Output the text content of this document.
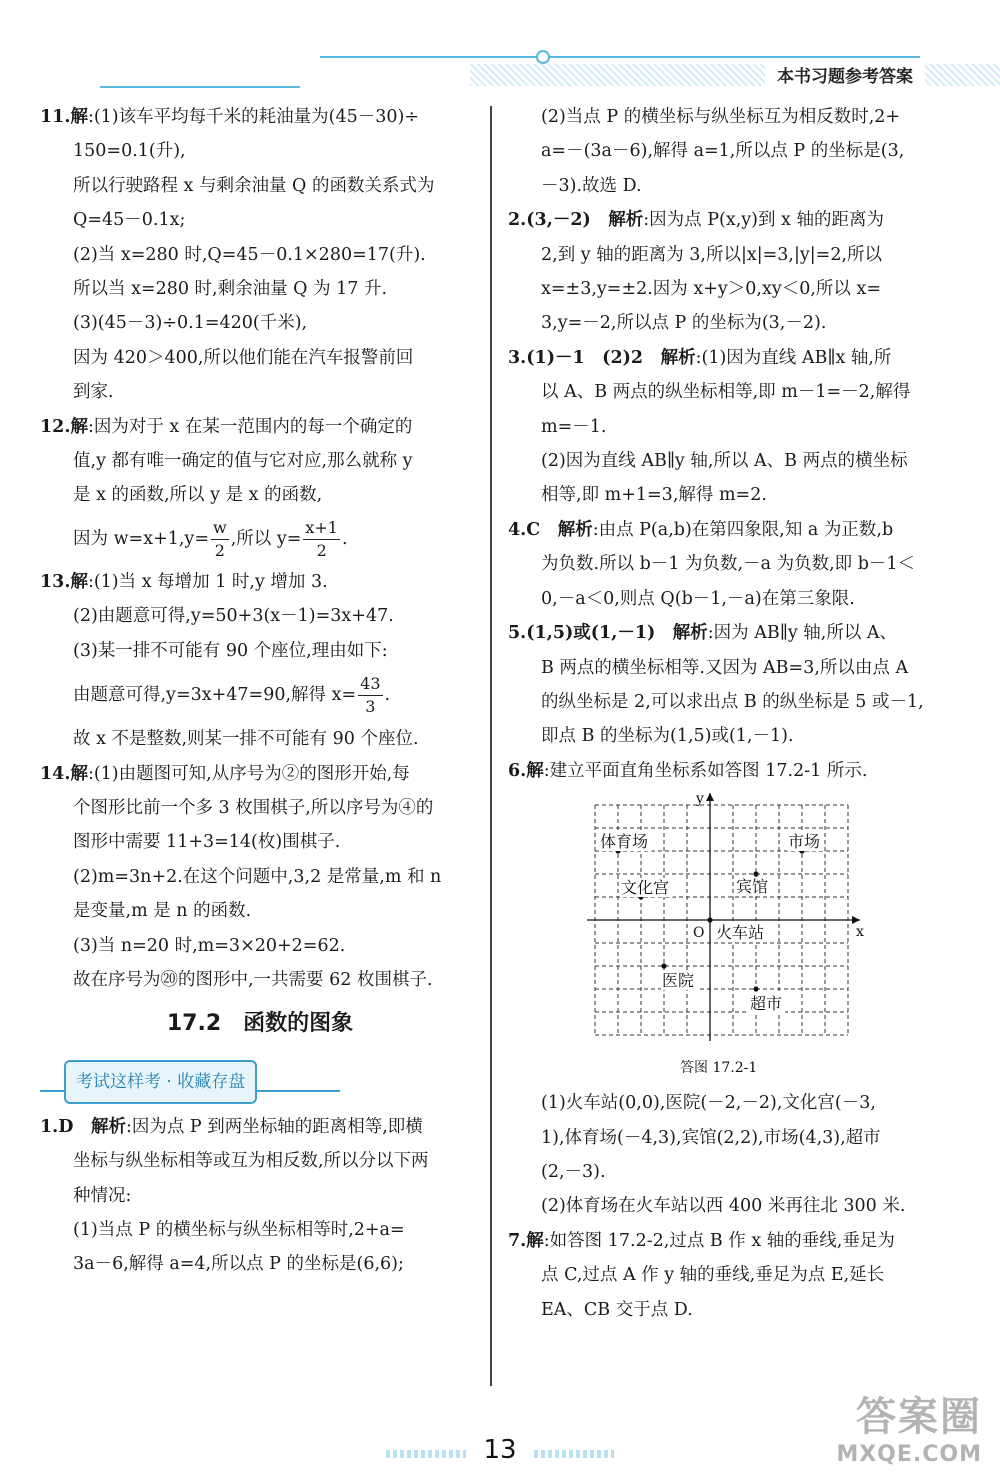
本书习题参考答案

11.解:(1)该车平均每千米的耗油量为(45－30)÷

150=0.1(升),

所以行驶路程 x 与剩余油量 Q 的函数关系式为

Q=45－0.1x;

(2)当 x=280 时,Q=45－0.1×280=17(升).

所以当 x=280 时,剩余油量 Q 为 17 升.

(3)(45－3)÷0.1=420(千米),

因为 420＞400,所以他们能在汽车报警前回

到家.

12.解:因为对于 x 在某一范围内的每一个确定的

值,y 都有唯一确定的值与它对应,那么就称 y

是 x 的函数,所以 y 是 x 的函数,

因为 $w=x+1,y= \frac{w}{2}$ ,所以 $y= \frac{x+1}{2}$ .

13.解:(1)当 x 每增加 1 时,y 增加 3.

(2)由题意可得,y=50+3(x－1)=3x+47.

(3)某一排不可能有 90 个座位,理由如下:

由题意可得,y=3x+47=90,解得 $x= \frac{43}{3}$ .

故 x 不是整数,则某一排不可能有 90 个座位.

14.解:(1)由题图可知,从序号为②的图形开始,每

个图形比前一个多 3 枚围棋子,所以序号为④的

图形中需要 11+3=14(枚)围棋子.

(2)m=3n+2.在这个问题中,3,2 是常量,m 和 n

是变量,m 是 n 的函数.

(3)当 n=20 时,m=3×20+2=62.

故在序号为⑳的图形中,一共需要 62 枚围棋子.

17.2　函数的图象
考试这样考 · 收藏存盘

1.D　 解析:因为点 P 到两坐标轴的距离相等,即横

坐标与纵坐标相等或互为相反数,所以分以下两

种情况:

(1)当点 P 的横坐标与纵坐标相等时,2+a=

3a－6,解得 a=4,所以点 P 的坐标是(6,6);

(2)当点 P 的横坐标与纵坐标互为相反数时,2+

a=－(3a－6),解得 a=1,所以点 P 的坐标是(3,

－3).故选 D.

2.(3,－2)　 解析:因为点 P(x,y)到 x 轴的距离为

2,到 y 轴的距离为 3,所以|x|=3,|y|=2,所以

x=±3,y=±2.因为 x+y＞0,xy＜0,所以 x=

3,y=－2,所以点 P 的坐标为(3,－2).

3.(1)－1　(2)2　 解析:(1)因为直线 AB∥x 轴,所

以 A、B 两点的纵坐标相等,即 m－1=－2,解得

m=－1.

(2)因为直线 AB∥y 轴,所以 A、B 两点的横坐标

相等,即 m+1=3,解得 m=2.

4.C　 解析:由点 P(a,b)在第四象限,知 a 为正数,b

为负数.所以 b－1 为负数,－a 为负数,即 b－1＜

0,－a＜0,则点 Q(b－1,－a)在第三象限.

5.(1,5)或(1,－1)　 解析:因为 AB∥y 轴,所以 A、

B 两点的横坐标相等.又因为 AB=3,所以由点 A

的纵坐标是 2,可以求出点 B 的纵坐标是 5 或－1,

即点 B 的坐标为(1,5)或(1,－1).

6.解:建立平面直角坐标系如答图 17.2-1 所示.

x
y
O
体育场	市场
宾馆
文化宫
火车站
医院
超市
答图 17.2-1

(1)火车站(0,0),医院(－2,－2),文化宫(－3,

1),体育场(－4,3),宾馆(2,2),市场(4,3),超市

(2,－3).

(2)体育场在火车站以西 400 米再往北 300 米.

7.解:如答图 17.2-2,过点 B 作 x 轴的垂线,垂足为

点 C,过点 A 作 y 轴的垂线,垂足为点 E,延长

EA、CB 交于点 D.

13
答案圈
MXQE.COM
